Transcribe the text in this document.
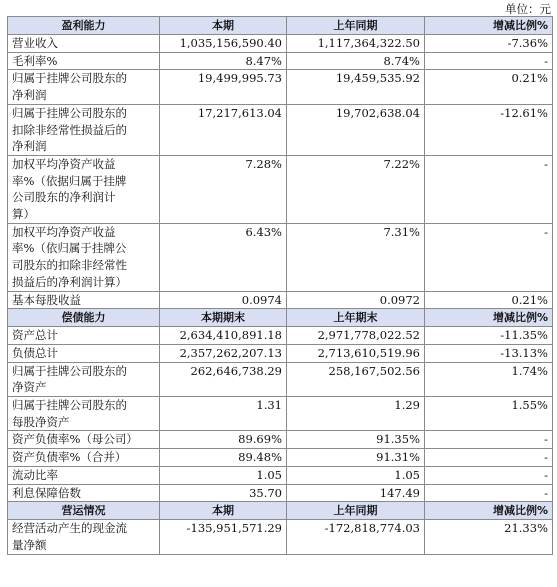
单位：元
盈利能力	本期	上年同期	增减比例%

营业收入	1,035,156,590.40	1,117,364,322.50	-7.36%

毛利率%	8.47%	8.74%	-

归属于挂牌公司股东的
净利润	19,499,995.73	19,459,535.92	0.21%

归属于挂牌公司股东的
扣除非经常性损益后的
净利润	17,217,613.04	19,702,638.04	-12.61%

加权平均净资产收益
率%（依据归属于挂牌
公司股东的净利润计
算）	7.28%	7.22%	-

加权平均净资产收益
率%（依归属于挂牌公
司股东的扣除非经常性
损益后的净利润计算）	6.43%	7.31%	-

基本每股收益	0.0974	0.0972	0.21%
偿债能力	本期期末	上年期末	增减比例%

资产总计	2,634,410,891.18	2,971,778,022.52	-11.35%

负债总计	2,357,262,207.13	2,713,610,519.96	-13.13%

归属于挂牌公司股东的
净资产	262,646,738.29	258,167,502.56	1.74%

归属于挂牌公司股东的
每股净资产	1.31	1.29	1.55%

资产负债率%（母公司）	89.69%	91.35%	-

资产负债率%（合并）	89.48%	91.31%	-

流动比率	1.05	1.05	-

利息保障倍数	35.70	147.49	-
营运情况	本期	上年同期	增减比例%

经营活动产生的现金流
量净额	-135,951,571.29	-172,818,774.03	21.33%
